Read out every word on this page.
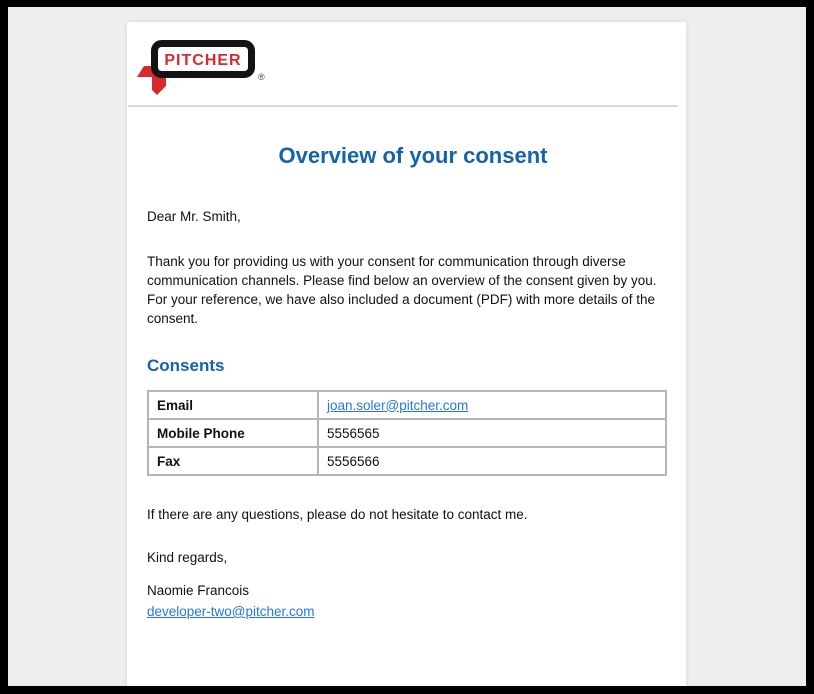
PITCHER
®
Overview of your consent
Dear Mr. Smith,
Thank you for providing us with your consent for communication through diverse communication channels. Please find below an overview of the consent given by you. For your reference, we have also included a document (PDF) with more details of the consent.
Consents
Email	joan.soler@pitcher.com
Mobile Phone	5556565
Fax	5556566
If there are any questions, please do not hesitate to contact me.
Kind regards,
Naomie Francois
developer-two@pitcher.com
